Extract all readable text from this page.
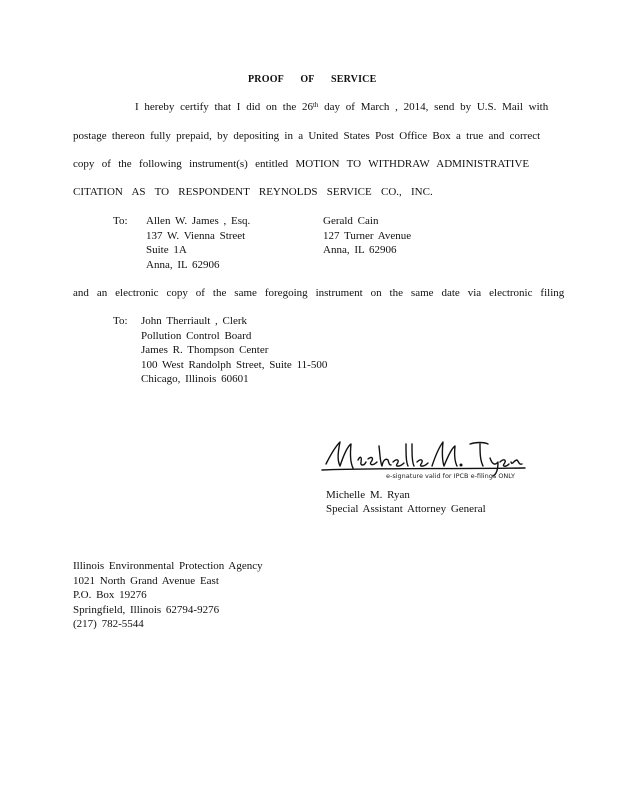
PROOF OF SERVICE
I hereby certify that I did on the 26th day of March , 2014, send by U.S. Mail with
postage thereon fully prepaid, by depositing in a United States Post Office Box a true and correct
copy of the following instrument(s) entitled MOTION TO WITHDRAW ADMINISTRATIVE
CITATION AS TO RESPONDENT REYNOLDS SERVICE CO., INC.
To: Allen W. James , Esq.
137 W. Vienna Street
Suite 1A
Anna, IL 62906
Gerald Cain
127 Turner Avenue
Anna, IL 62906
and an electronic copy of the same foregoing instrument on the same date via electronic filing
To: John Therriault , Clerk
Pollution Control Board
James R. Thompson Center
100 West Randolph Street, Suite 11-500
Chicago, Illinois 60601
e-signature valid for IPCB e-filings ONLY
Michelle M. Ryan
Special Assistant Attorney General
Illinois Environmental Protection Agency
1021 North Grand Avenue East
P.O. Box 19276
Springfield, Illinois 62794-9276
(217) 782-5544
